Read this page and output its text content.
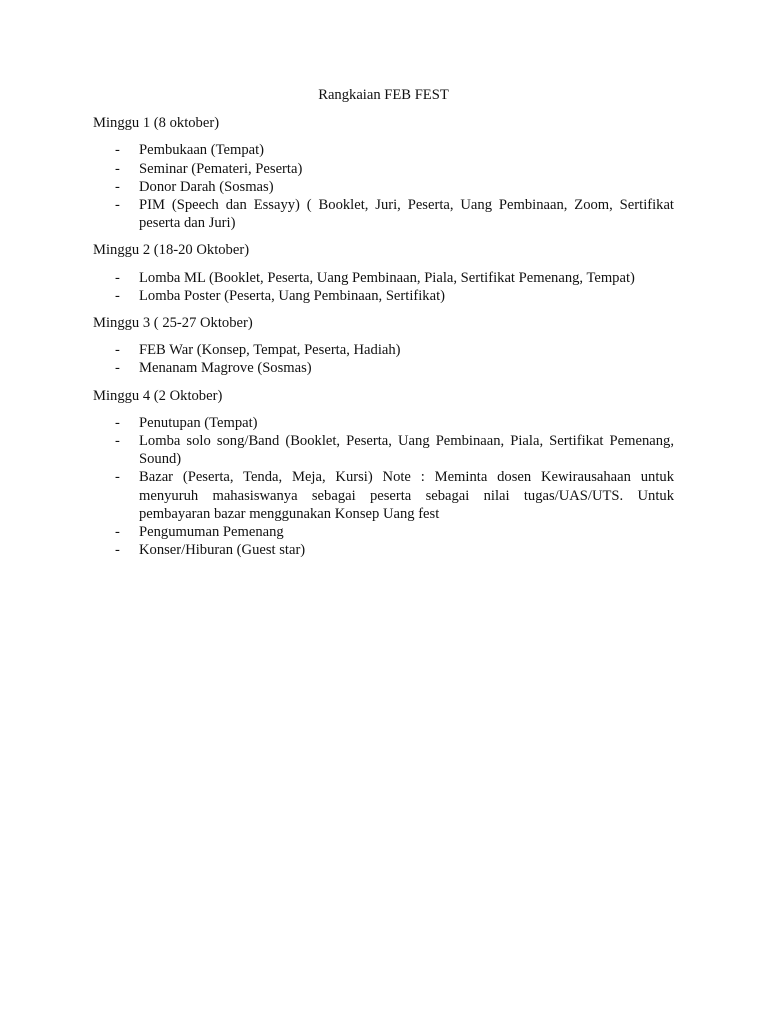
Rangkaian FEB FEST
Minggu 1 (8 oktober)
- Pembukaan (Tempat)
- Seminar (Pemateri, Peserta)
- Donor Darah (Sosmas)
- PIM (Speech dan Essayy) ( Booklet, Juri, Peserta, Uang Pembinaan, Zoom, Sertifikat peserta dan Juri)
Minggu 2 (18-20 Oktober)
- Lomba ML (Booklet, Peserta, Uang Pembinaan, Piala, Sertifikat Pemenang, Tempat)
- Lomba Poster (Peserta, Uang Pembinaan, Sertifikat)
Minggu 3 ( 25-27 Oktober)
- FEB War (Konsep, Tempat, Peserta, Hadiah)
- Menanam Magrove (Sosmas)
Minggu 4 (2 Oktober)
- Penutupan (Tempat)
- Lomba solo song/Band (Booklet, Peserta, Uang Pembinaan, Piala, Sertifikat Pemenang, Sound)
- Bazar (Peserta, Tenda, Meja, Kursi) Note : Meminta dosen Kewirausahaan untuk menyuruh mahasiswanya sebagai peserta sebagai nilai tugas/UAS/UTS. Untuk pembayaran bazar menggunakan Konsep Uang fest
- Pengumuman Pemenang
- Konser/Hiburan (Guest star)
